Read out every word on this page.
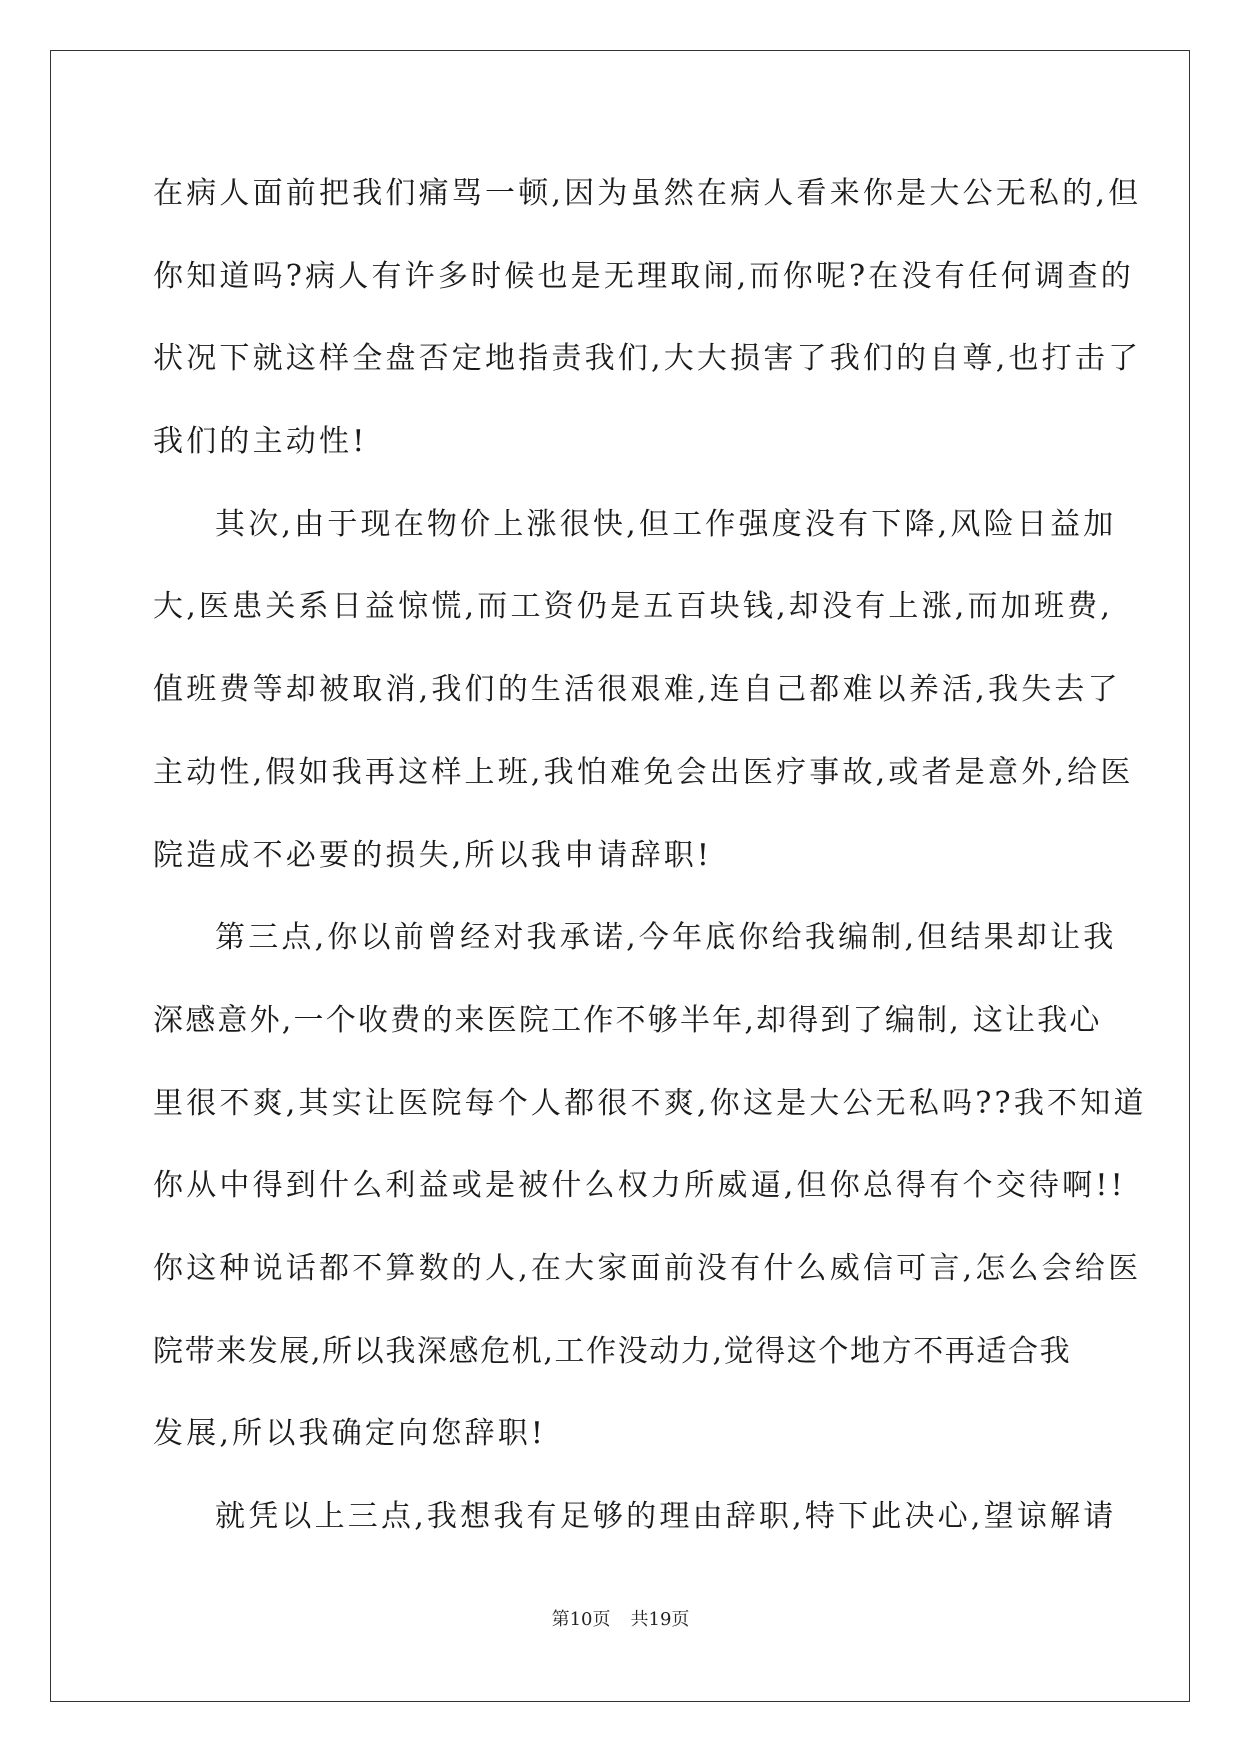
在病人面前把我们痛骂一顿,因为虽然在病人看来你是大公无私的,但
你知道吗?病人有许多时候也是无理取闹,而你呢?在没有任何调查的
状况下就这样全盘否定地指责我们,大大损害了我们的自尊,也打击了
我们的主动性!
其次,由于现在物价上涨很快,但工作强度没有下降,风险日益加
大,医患关系日益惊慌,而工资仍是五百块钱,却没有上涨,而加班费,
值班费等却被取消,我们的生活很艰难,连自己都难以养活,我失去了
主动性,假如我再这样上班,我怕难免会出医疗事故,或者是意外,给医
院造成不必要的损失,所以我申请辞职!
第三点,你以前曾经对我承诺,今年底你给我编制,但结果却让我
深感意外,一个收费的来医院工作不够半年,却得到了编制, 这让我心
里很不爽,其实让医院每个人都很不爽,你这是大公无私吗??我不知道
你从中得到什么利益或是被什么权力所威逼,但你总得有个交待啊!!
你这种说话都不算数的人,在大家面前没有什么威信可言,怎么会给医
院带来发展,所以我深感危机,工作没动力,觉得这个地方不再适合我
发展,所以我确定向您辞职!
就凭以上三点,我想我有足够的理由辞职,特下此决心,望谅解请
第10页 共19页
